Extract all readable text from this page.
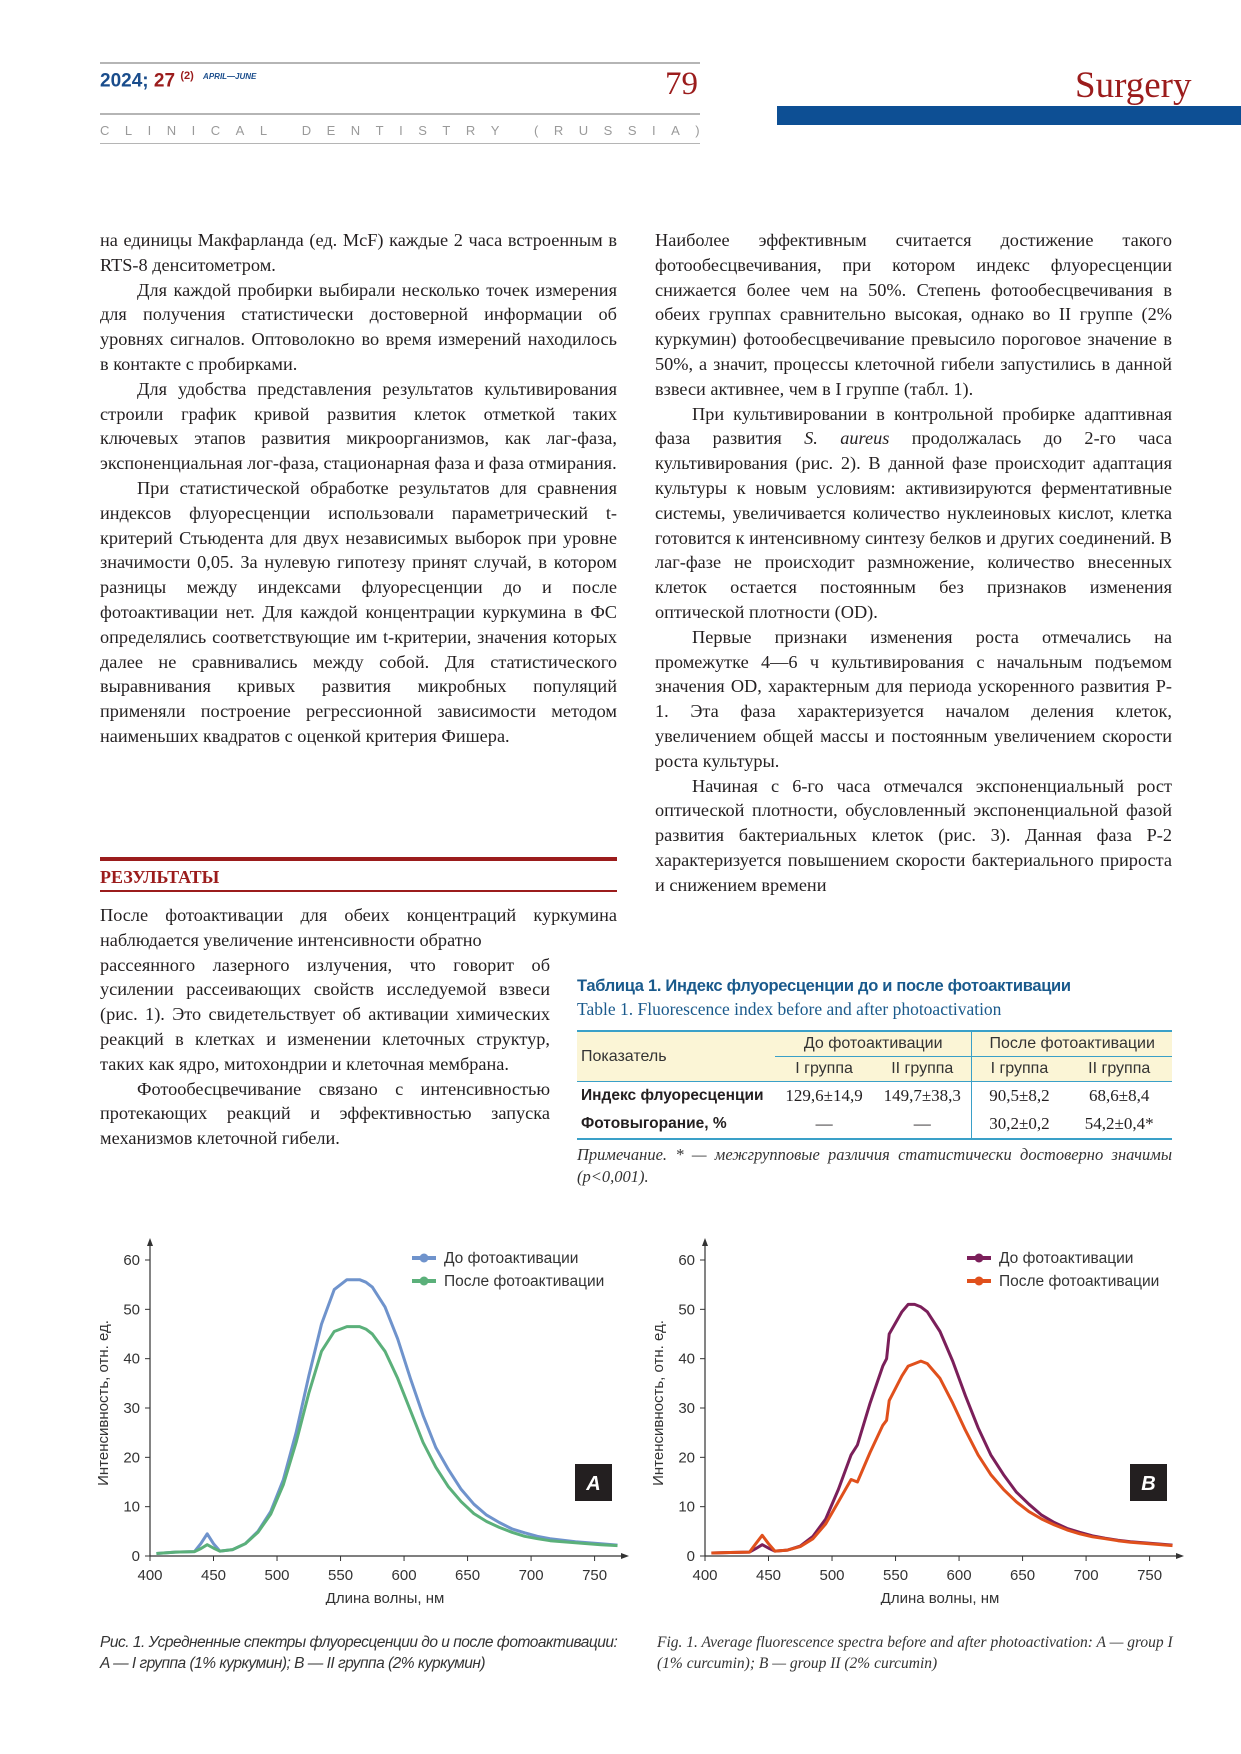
2024; 27 $^{(2)}$ $^{APRIL—JUNE}$	79
C L I N I C A L
	D E N T I S T R Y
	( R U S S I A )
Surgery

на единицы Макфарланда (ед. McF) каждые 2 часа встроенным в RTS-8 денситометром.

Для каждой пробирки выбирали несколько точек измерения для получения статистически достоверной информации об уровнях сигналов. Оптоволокно во время измерений находилось в контакте с пробирками.

Для удобства представления результатов культивирования строили график кривой развития клеток отметкой таких ключевых этапов развития микроорганизмов, как лаг-фаза, экспоненциальная лог-фаза, стационарная фаза и фаза отмирания.

При статистической обработке результатов для сравнения индексов флуоресценции использовали параметрический t-критерий Стьюдента для двух независимых выборок при уровне значимости 0,05. За нулевую гипотезу принят случай, в котором разницы между индексами флуоресценции до и после фотоактивации нет. Для каждой концентрации куркумина в ФС определялись соответствующие им t-критерии, значения которых далее не сравнивались между собой. Для статистического выравнивания кривых развития микробных популяций применяли построение регрессионной зависимости методом наименьших квадратов с оценкой критерия Фишера.

РЕЗУЛЬТАТЫ

После фотоактивации для обеих концентраций куркумина наблюдается увеличение интенсивности обратно

рассеянного лазерного излучения, что говорит об усилении рассеивающих свойств исследуемой взвеси (рис. 1). Это свидетельствует об активации химических реакций в клетках и изменении клеточных структур, таких как ядро, митохондрии и клеточная мембрана.

Фотообесцвечивание связано с интенсивностью протекающих реакций и эффективностью запуска механизмов клеточной гибели.

Наиболее эффективным считается достижение такого фотообесцвечивания, при котором индекс флуоресценции снижается более чем на 50%. Степень фотообесцвечивания в обеих группах сравнительно высокая, однако во II группе (2% куркумин) фотообесцвечивание превысило пороговое значение в 50%, а значит, процессы клеточной гибели запустились в данной взвеси активнее, чем в I группе (табл. 1).

При культивировании в контрольной пробирке адаптивная фаза развития S. aureus продолжалась до 2-го часа культивирования (рис. 2). В данной фазе происходит адаптация культуры к новым условиям: активизируются ферментативные системы, увеличивается количество нуклеиновых кислот, клетка готовится к интенсивному синтезу белков и других соединений. В лаг-фазе не происходит размножение, количество внесенных клеток остается постоянным без признаков изменения оптической плотности (OD).

Первые признаки изменения роста отмечались на промежутке 4—6 ч культивирования с начальным подъемом значения OD, характерным для периода ускоренного развития P-1. Эта фаза характеризуется началом деления клеток, увеличением общей массы и постоянным увеличением скорости роста культуры.

Начиная с 6-го часа отмечался экспоненциальный рост оптической плотности, обусловленный экспоненциальной фазой развития бактериальных клеток (рис. 3). Данная фаза P-2 характеризуется повышением скорости бактериального прироста и снижением времени

Таблица 1. Индекс флуоресценции до и после фотоактивации
Table 1. Fluorescence index before and after photoactivation
Показатель	До фотоактивации		После фотоактивации	
	I группа	II группа	I группа	II группа
Индекс флуоресценции	129,6±14,9	149,7±38,3	90,5±8,2	68,6±8,4
Фотовыгорание, %	—	—	30,2±0,2	54,2±0,4*
Примечание. * — межгрупповые различия статистически достоверно значимы (p<0,001).
400	450	500	550	600	650	700	750
0
10
20
30
40
50
60
Длина волны, нм
Интенсивность, отн. ед.
До фотоактивации
После фотоактивации
A
400	450	500	550	600	650	700	750
0
10
20
30
40
50
60
Длина волны, нм
Интенсивность, отн. ед.
До фотоактивации
После фотоактивации
B
Рис. 1. Усредненные спектры флуоресценции до и после фотоактивации: A — I группа (1% куркумин); B — II группа (2% куркумин)
Fig. 1. Average fluorescence spectra before and after photoactivation: A — group I (1% curcumin); B — group II (2% curcumin)
